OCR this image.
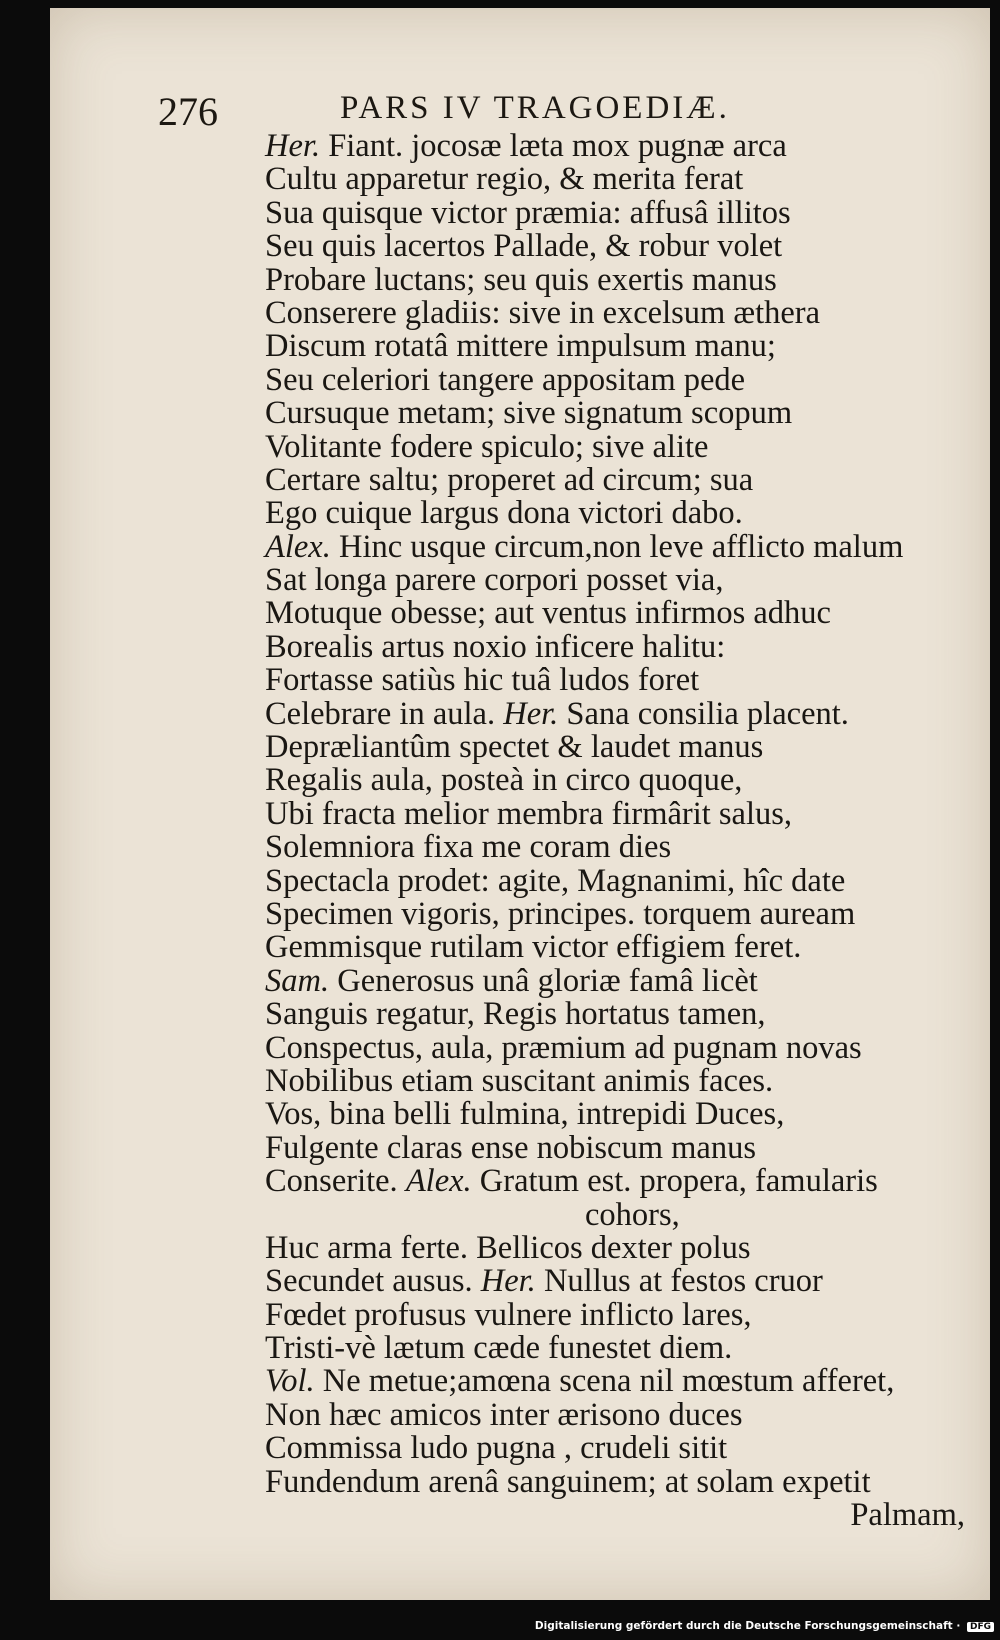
276	PARS IV TRAGOEDIÆ.
Her. Fiant. jocosæ læta mox pugnæ arca
Cultu apparetur regio, & merita ferat
Sua quisque victor præmia: affusâ illitos
Seu quis lacertos Pallade, & robur volet
Probare luctans; seu quis exertis manus
Conserere gladiis: sive in excelsum æthera
Discum rotatâ mittere impulsum manu;
Seu celeriori tangere appositam pede
Cursuque metam; sive signatum scopum
Volitante fodere spiculo; sive alite
Certare saltu; properet ad circum; sua
Ego cuique largus dona victori dabo.
Alex. Hinc usque circum,non leve afflicto malum
Sat longa parere corpori posset via,
Motuque obesse; aut ventus infirmos adhuc
Borealis artus noxio inficere halitu:
Fortasse satiùs hic tuâ ludos foret
Celebrare in aula. Her. Sana consilia placent.
Depræliantûm spectet & laudet manus
Regalis aula, posteà in circo quoque,
Ubi fracta melior membra firmârit salus,
Solemniora fixa me coram dies
Spectacla prodet: agite, Magnanimi, hîc date
Specimen vigoris, principes. torquem auream
Gemmisque rutilam victor effigiem feret.
Sam. Generosus unâ gloriæ famâ licèt
Sanguis regatur, Regis hortatus tamen,
Conspectus, aula, præmium ad pugnam novas
Nobilibus etiam suscitant animis faces.
Vos, bina belli fulmina, intrepidi Duces,
Fulgente claras ense nobiscum manus
Conserite. Alex. Gratum est. propera, famularis
cohors,
Huc arma ferte. Bellicos dexter polus
Secundet ausus. Her. Nullus at festos cruor
Fœdet profusus vulnere inflicto lares,
Tristi-vè lætum cæde funestet diem.
Vol. Ne metue;amœna scena nil mœstum afferet,
Non hæc amicos inter ærisono duces
Commissa ludo pugna , crudeli sitit
Fundendum arenâ sanguinem; at solam expetit
Palmam,
Digitalisierung gefördert durch die Deutsche Forschungsgemeinschaft · DFG
